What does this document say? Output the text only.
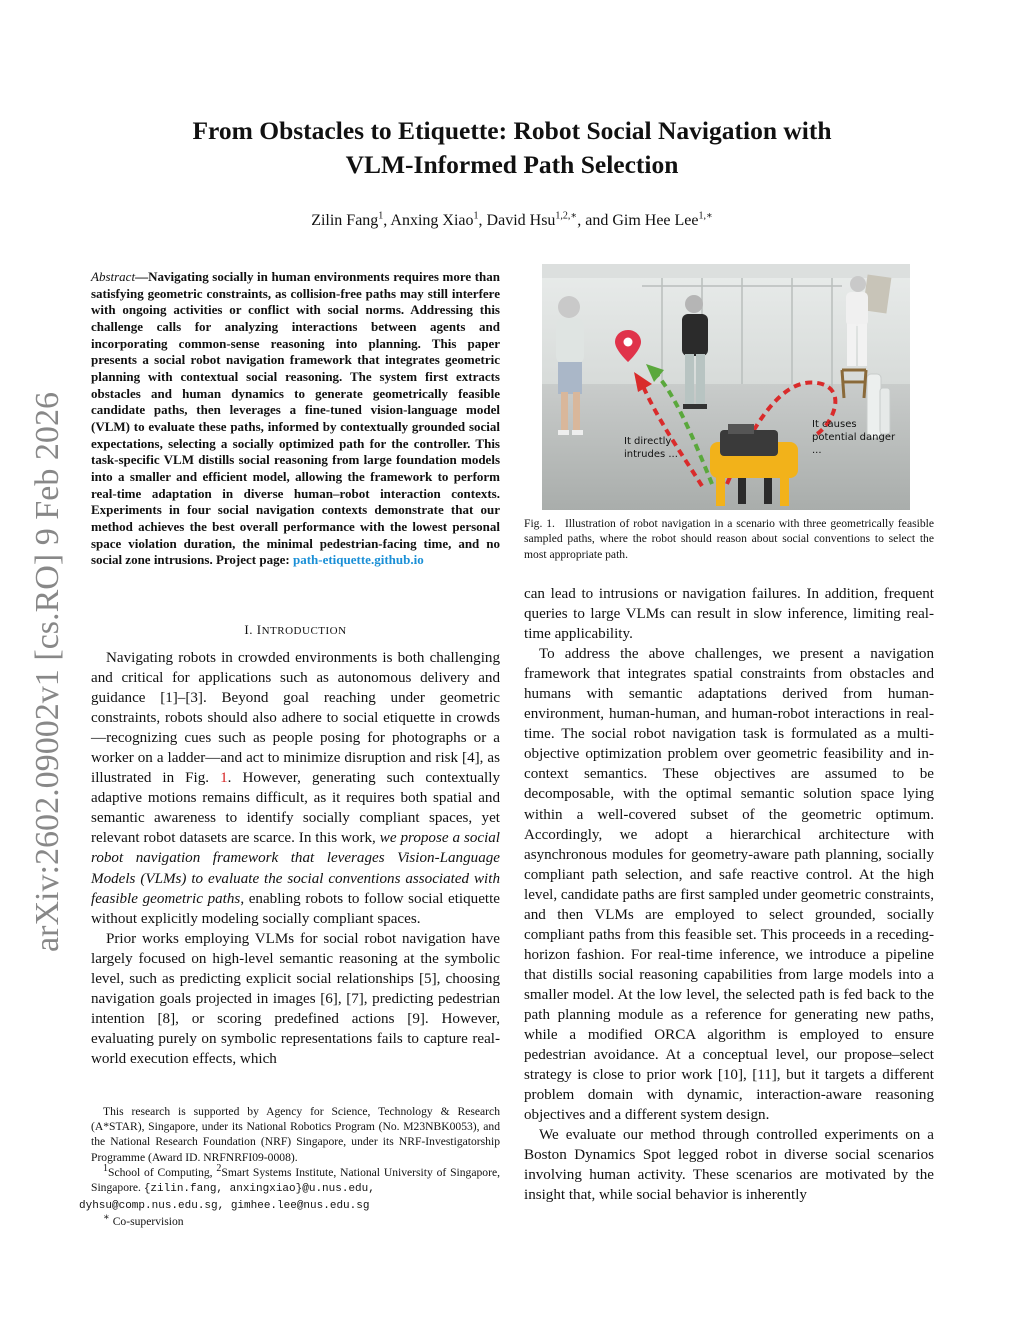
arXiv:2602.09002v1 [cs.RO] 9 Feb 2026
From Obstacles to Etiquette: Robot Social Navigation with
VLM-Informed Path Selection
Zilin Fang$^1$, Anxing Xiao$^1$, David Hsu$^{1,2,∗}$, and Gim Hee Lee$^{1,∗}$
Abstract—Navigating socially in human environments requires more than satisfying geometric constraints, as collision-free paths may still interfere with ongoing activities or conflict with social norms. Addressing this challenge calls for analyzing interactions between agents and incorporating common-sense reasoning into planning. This paper presents a social robot navigation framework that integrates geometric planning with contextual social reasoning. The system first extracts obstacles and human dynamics to generate geometrically feasible candidate paths, then leverages a fine-tuned vision-language model (VLM) to evaluate these paths, informed by contextually grounded social expectations, selecting a socially optimized path for the controller. This task-specific VLM distills social reasoning from large foundation models into a smaller and efficient model, allowing the framework to perform real-time adaptation in diverse human–robot interaction contexts. Experiments in four social navigation contexts demonstrate that our method achieves the best overall performance with the lowest personal space violation duration, the minimal pedestrian-facing time, and no social zone intrusions. Project page: path-etiquette.github.io
I. INTRODUCTION

Navigating robots in crowded environments is both challenging and critical for applications such as autonomous delivery and guidance [1]–[3]. Beyond goal reaching under geometric constraints, robots should also adhere to social etiquette in crowds—recognizing cues such as people posing for photographs or a worker on a ladder—and act to minimize disruption and risk [4], as illustrated in Fig. 1. However, generating such contextually adaptive motions remains difficult, as it requires both spatial and semantic awareness to identify socially compliant spaces, yet relevant robot datasets are scarce. In this work, we propose a social robot navigation framework that leverages Vision-Language Models (VLMs) to evaluate the social conventions associated with feasible geometric paths, enabling robots to follow social etiquette without explicitly modeling socially compliant spaces.

Prior works employing VLMs for social robot navigation have largely focused on high-level semantic reasoning at the symbolic level, such as predicting explicit social relationships [5], choosing navigation goals projected in images [6], [7], predicting pedestrian intention [8], or scoring predefined actions [9]. However, evaluating purely on symbolic representations fails to capture real-world execution effects, which

This research is supported by Agency for Science, Technology & Research (A*STAR), Singapore, under its National Robotics Program (No. M23NBK0053), and the National Research Foundation (NRF) Singapore, under its NRF-Investigatorship Programme (Award ID. NRFNRFI09-0008).

$^1$School of Computing, $^2$Smart Systems Institute, National University of Singapore, Singapore. {zilin.fang, anxingxiao}@u.nus.edu,
dyhsu@comp.nus.edu.sg, gimhee.lee@nus.edu.sg

∗ Co-supervision

It directly
intrudes ...
It causes
potential danger
...
Fig. 1. Illustration of robot navigation in a scenario with three geometrically feasible sampled paths, where the robot should reason about social conventions to select the most appropriate path.

can lead to intrusions or navigation failures. In addition, frequent queries to large VLMs can result in slow inference, limiting real-time applicability.

To address the above challenges, we present a navigation framework that integrates spatial constraints from obstacles and humans with semantic adaptations derived from human-environment, human-human, and human-robot interactions in real-time. The social robot navigation task is formulated as a multi-objective optimization problem over geometric feasibility and in-context semantics. These objectives are assumed to be decomposable, with the optimal semantic solution space lying within a well-covered subset of the geometric optimum. Accordingly, we adopt a hierarchical architecture with asynchronous modules for geometry-aware path planning, socially compliant path selection, and safe reactive control. At the high level, candidate paths are first sampled under geometric constraints, and then VLMs are employed to select grounded, socially compliant paths from this feasible set. This proceeds in a receding-horizon fashion. For real-time inference, we introduce a pipeline that distills social reasoning capabilities from large models into a smaller model. At the low level, the selected path is fed back to the path planning module as a reference for generating new paths, while a modified ORCA algorithm is employed to ensure pedestrian avoidance. At a conceptual level, our propose–select strategy is close to prior work [10], [11], but it targets a different problem domain with dynamic, interaction-aware reasoning objectives and a different system design.

We evaluate our method through controlled experiments on a Boston Dynamics Spot legged robot in diverse social scenarios involving human activity. These scenarios are motivated by the insight that, while social behavior is inherently
